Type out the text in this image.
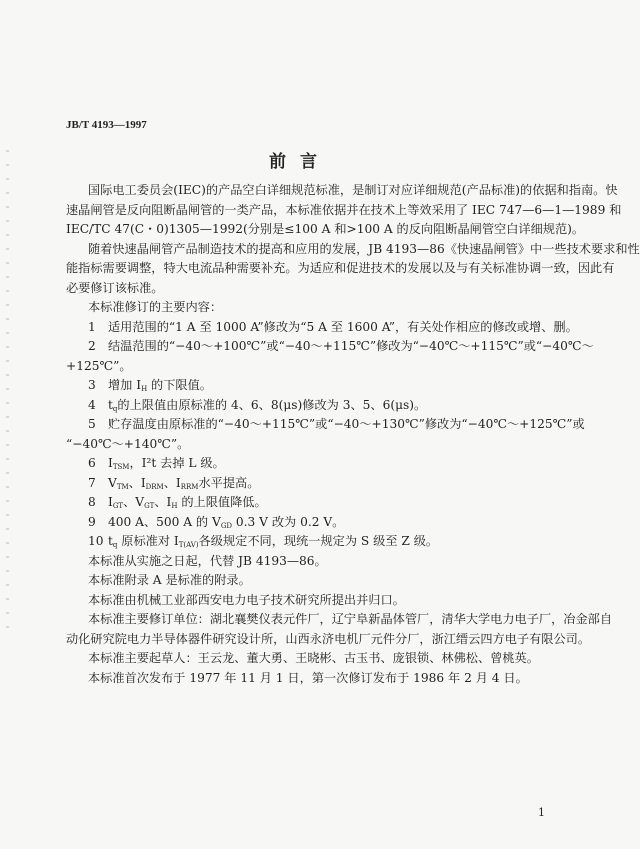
JB/T 4193—1997
前言
国际电工委员会(IEC)的产品空白详细规范标准，是制订对应详细规范(产品标准)的依据和指南。快
速晶闸管是反向阻断晶闸管的一类产品，本标准依据并在技术上等效采用了 IEC 747—6—1—1989 和
IEC/TC 47(C・0)1305—1992(分别是≤100 A 和>100 A 的反向阻断晶闸管空白详细规范)。
随着快速晶闸管产品制造技术的提高和应用的发展，JB 4193—86《快速晶闸管》中一些技术要求和性
能指标需要调整，特大电流品种需要补充。为适应和促进技术的发展以及与有关标准协调一致，因此有
必要修订该标准。
本标准修订的主要内容：
1 适用范围的“1 A 至 1000 A”修改为“5 A 至 1600 A”，有关处作相应的修改或增、删。
2 结温范围的“−40～+100℃”或“−40～+115℃”修改为“−40℃～+115℃”或“−40℃～
+125℃”。
3 增加 $I_H$ 的下限值。
4 $t_q$的上限值由原标准的 4、6、8(μs)修改为 3、5、6(μs)。
5 贮存温度由原标准的“−40～+115℃”或“−40～+130℃”修改为“−40℃～+125℃”或
“−40℃～+140℃”。
6 $I_{TSM}$，I²t 去掉 L 级。
7 $V_{TM}$、$I_{DRM}$、$I_{RRM}$水平提高。
8 $I_{GT}$、$V_{GT}$、$I_H$ 的上限值降低。
9 400 A、500 A 的 $V_{GD}$ 0.3 V 改为 0.2 V。
10 $t_q$ 原标准对 $I_{T(AV)}$各级规定不同，现统一规定为 S 级至 Z 级。
本标准从实施之日起，代替 JB 4193—86。
本标准附录 A 是标准的附录。
本标准由机械工业部西安电力电子技术研究所提出并归口。
本标准主要修订单位：湖北襄樊仪表元件厂，辽宁阜新晶体管厂，清华大学电力电子厂，冶金部自
动化研究院电力半导体器件研究设计所，山西永济电机厂元件分厂，浙江缙云四方电子有限公司。
本标准主要起草人：王云龙、董大勇、王晓彬、古玉书、庞银锁、林佛松、曾桃英。
本标准首次发布于 1977 年 11 月 1 日，第一次修订发布于 1986 年 2 月 4 日。
1
